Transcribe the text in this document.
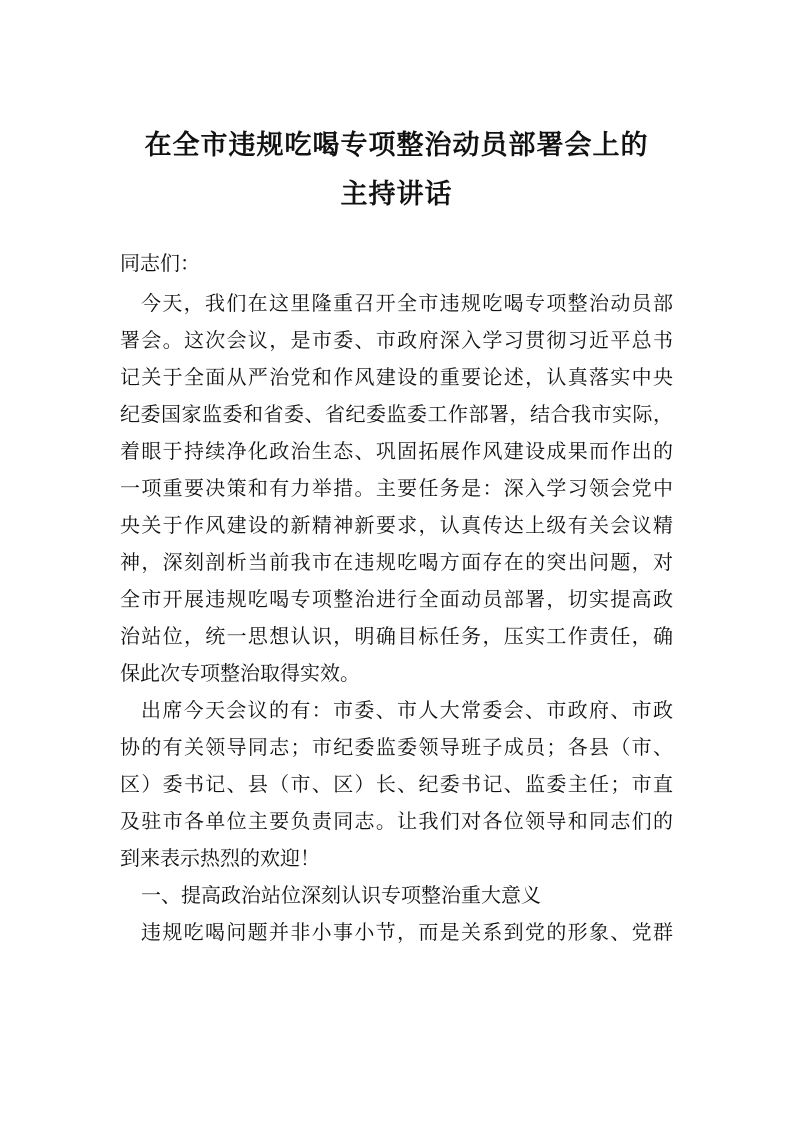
在全市违规吃喝专项整治动员部署会上的
主持讲话
同志们：
今天，我们在这里隆重召开全市违规吃喝专项整治动员部
署会。这次会议，是市委、市政府深入学习贯彻习近平总书
记关于全面从严治党和作风建设的重要论述，认真落实中央
纪委国家监委和省委、省纪委监委工作部署，结合我市实际，
着眼于持续净化政治生态、巩固拓展作风建设成果而作出的
一项重要决策和有力举措。主要任务是：深入学习领会党中
央关于作风建设的新精神新要求，认真传达上级有关会议精
神，深刻剖析当前我市在违规吃喝方面存在的突出问题，对
全市开展违规吃喝专项整治进行全面动员部署，切实提高政
治站位，统一思想认识，明确目标任务，压实工作责任，确
保此次专项整治取得实效。
出席今天会议的有：市委、市人大常委会、市政府、市政
协的有关领导同志；市纪委监委领导班子成员；各县（市、
区）委书记、县（市、区）长、纪委书记、监委主任；市直
及驻市各单位主要负责同志。让我们对各位领导和同志们的
到来表示热烈的欢迎！
一、提高政治站位深刻认识专项整治重大意义
违规吃喝问题并非小事小节，而是关系到党的形象、党群
